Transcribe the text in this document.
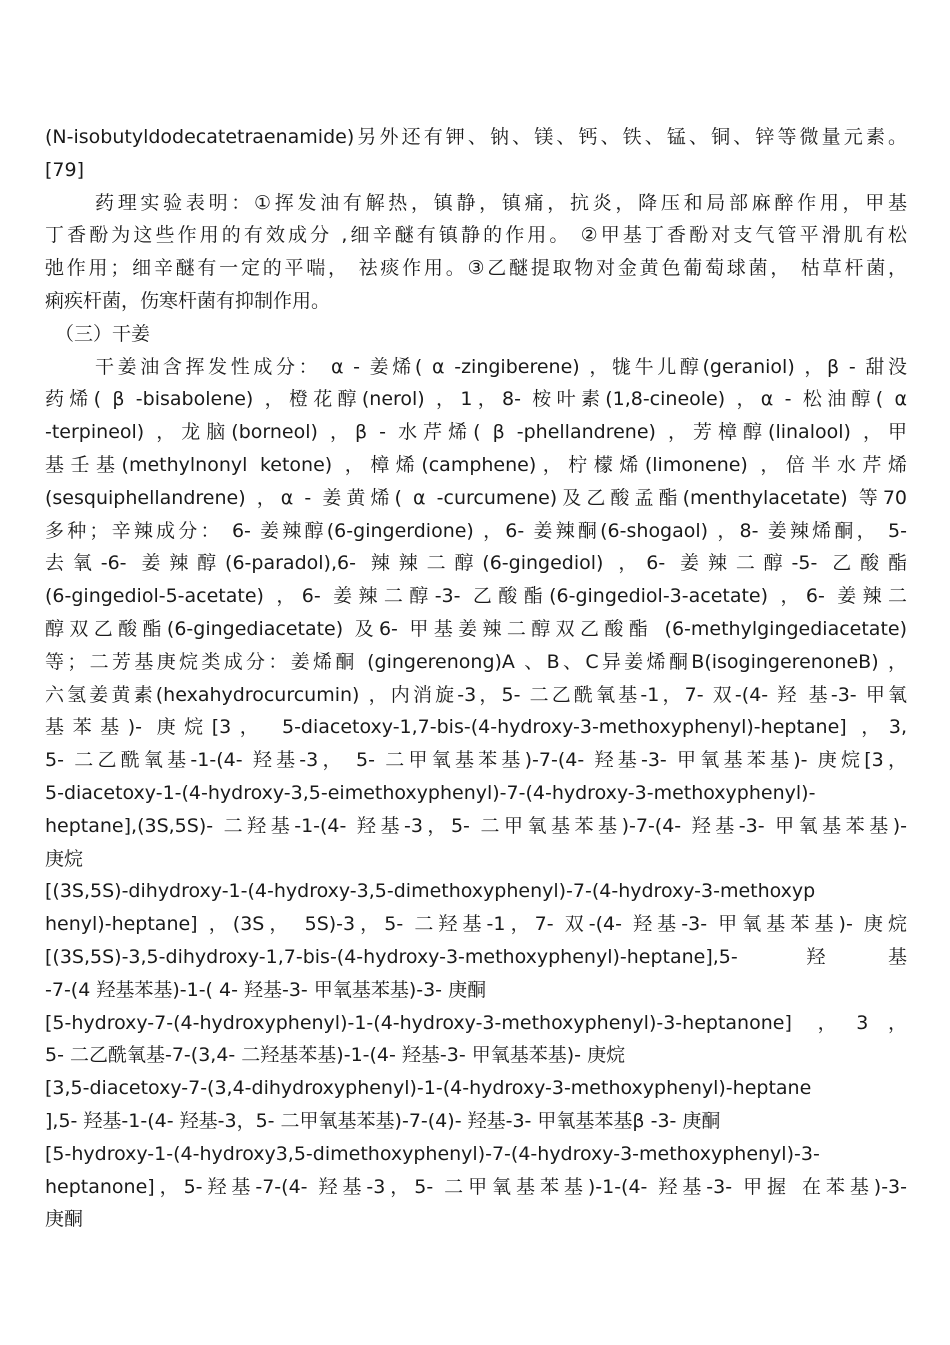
(N-isobutyldodecatetraenamide)另外还有钾、钠、镁、钙、铁、锰、铜、锌等微量元素。
[79]
药理实验表明：①挥发油有解热，镇静，镇痛，抗炎，降压和局部麻醉作用，甲基
丁香酚为这些作用的有效成分 ,细辛醚有镇静的作用。 ②甲基丁香酚对支气管平滑肌有松
弛作用；细辛醚有一定的平喘， 祛痰作用。③乙醚提取物对金黄色葡萄球菌， 枯草杆菌，
痢疾杆菌，伤寒杆菌有抑制作用。
（三）干姜
干姜油含挥发性成分： α - 姜烯( α -zingiberene) ，牻牛儿醇(geraniol) ，β - 甜没
药烯( β -bisabolene) ，橙花醇(nerol) ，1，8- 桉叶素(1,8-cineole) ，α - 松油醇( α
-terpineol) ，龙脑(borneol) ，β - 水芹烯( β -phellandrene) ，芳樟醇(linalool) ，甲
基壬基(methylnonyl ketone) ，樟烯(camphene)，柠檬烯(limonene) ，倍半水芹烯
(sesquiphellandrene) ，α - 姜黄烯( α -curcumene)及乙酸孟酯(menthylacetate) 等70
多种；辛辣成分： 6- 姜辣醇(6-gingerdione) ，6- 姜辣酮(6-shogaol) ，8- 姜辣烯酮， 5-
去氧-6- 姜辣醇(6-paradol),6- 辣辣二醇(6-gingediol) ，6- 姜辣二醇-5- 乙酸酯
(6-gingediol-5-acetate) ，6- 姜辣二醇-3- 乙酸酯(6-gingediol-3-acetate) ，6- 姜辣二
醇双乙酸酯(6-gingediacetate) 及6- 甲基姜辣二醇双乙酸酯 (6-methylgingediacetate)
等；二芳基庚烷类成分：姜烯酮 (gingerenong)A 、B、C异姜烯酮B(isogingerenoneB) ，
六氢姜黄素(hexahydrocurcumin) ，内消旋-3，5- 二乙酰氧基-1，7- 双-(4- 羟 基-3- 甲氧
基苯基)- 庚烷[3， 5-diacetoxy-1,7-bis-(4-hydroxy-3-methoxyphenyl)-heptane] ，3,
5- 二乙酰氧基-1-(4- 羟基-3， 5- 二甲氧基苯基)-7-(4- 羟基-3- 甲氧基苯基)- 庚烷[3，
5-diacetoxy-1-(4-hydroxy-3,5-eimethoxyphenyl)-7-(4-hydroxy-3-methoxyphenyl)-
heptane],(3S,5S)- 二羟基-1-(4- 羟基-3，5- 二甲氧基苯基)-7-(4- 羟基-3- 甲氧基苯基)-
庚烷
[(3S,5S)-dihydroxy-1-(4-hydroxy-3,5-dimethoxyphenyl)-7-(4-hydroxy-3-methoxyp
henyl)-heptane] ，(3S， 5S)-3，5- 二羟基-1，7- 双-(4- 羟基-3- 甲氧基苯基)- 庚烷
[(3S,5S)-3,5-dihydroxy-1,7-bis-(4-hydroxy-3-methoxyphenyl)-heptane],5- 羟基
-7-(4 羟基苯基)-1-( 4- 羟基-3- 甲氧基苯基)-3- 庚酮
[5-hydroxy-7-(4-hydroxyphenyl)-1-(4-hydroxy-3-methoxyphenyl)-3-heptanone] ，3，
5- 二乙酰氧基-7-(3,4- 二羟基苯基)-1-(4- 羟基-3- 甲氧基苯基)- 庚烷
[3,5-diacetoxy-7-(3,4-dihydroxyphenyl)-1-(4-hydroxy-3-methoxyphenyl)-heptane
],5- 羟基-1-(4- 羟基-3，5- 二甲氧基苯基)-7-(4)- 羟基-3- 甲氧基苯基β -3- 庚酮
[5-hydroxy-1-(4-hydroxy3,5-dimethoxyphenyl)-7-(4-hydroxy-3-methoxyphenyl)-3-
heptanone]，5-羟基-7-(4- 羟基-3，5- 二甲氧基苯基)-1-(4- 羟基-3- 甲握 在苯基)-3-
庚酮
